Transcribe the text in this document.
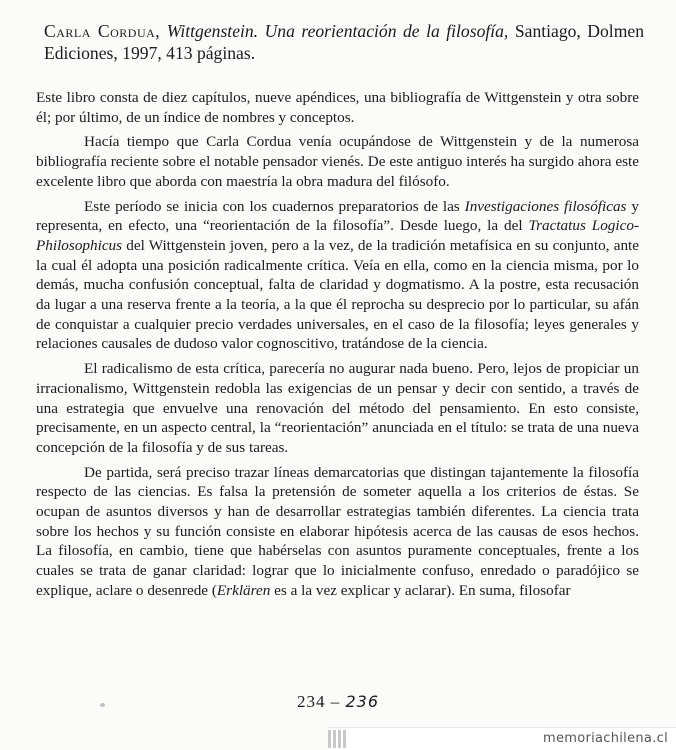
Carla Cordua, Wittgenstein. Una reorientación de la filosofía, Santiago, Dolmen Ediciones, 1997, 413 páginas.

Este libro consta de diez capítulos, nueve apéndices, una bibliografía de Wittgenstein y otra sobre él; por último, de un índice de nombres y conceptos.

Hacía tiempo que Carla Cordua venía ocupándose de Wittgenstein y de la numerosa bibliografía reciente sobre el notable pensador vienés. De este antiguo interés ha surgido ahora este excelente libro que aborda con maestría la obra madura del filósofo.

Este período se inicia con los cuadernos preparatorios de las Investigaciones filosóficas y representa, en efecto, una “reorientación de la filosofía”. Desde luego, la del Tractatus Logico-Philosophicus del Wittgenstein joven, pero a la vez, de la tradición metafísica en su conjunto, ante la cual él adopta una posición radicalmente crítica. Veía en ella, como en la ciencia misma, por lo demás, mucha confusión conceptual, falta de claridad y dogmatismo. A la postre, esta recusación da lugar a una reserva frente a la teoría, a la que él reprocha su desprecio por lo particular, su afán de conquistar a cualquier precio verdades universales, en el caso de la filosofía; leyes generales y relaciones causales de dudoso valor cognoscitivo, tratándose de la ciencia.

El radicalismo de esta crítica, parecería no augurar nada bueno. Pero, lejos de propiciar un irracionalismo, Wittgenstein redobla las exigencias de un pensar y decir con sentido, a través de una estrategia que envuelve una renovación del método del pensamiento. En esto consiste, precisamente, en un aspecto central, la “reorientación” anunciada en el título: se trata de una nueva concepción de la filosofía y de sus tareas.

De partida, será preciso trazar líneas demarcatorias que distingan tajantemente la filosofía respecto de las ciencias. Es falsa la pretensión de someter aquella a los criterios de éstas. Se ocupan de asuntos diversos y han de desarrollar estrategias también diferentes. La ciencia trata sobre los hechos y su función consiste en elaborar hipótesis acerca de las causas de esos hechos. La filosofía, en cambio, tiene que habérselas con asuntos puramente conceptuales, frente a los cuales se trata de ganar claridad: lograr que lo inicialmente confuso, enredado o paradójico se explique, aclare o desenrede (Erklären es a la vez explicar y aclarar). En suma, filosofar

234 – 236
memoriachilena.cl
